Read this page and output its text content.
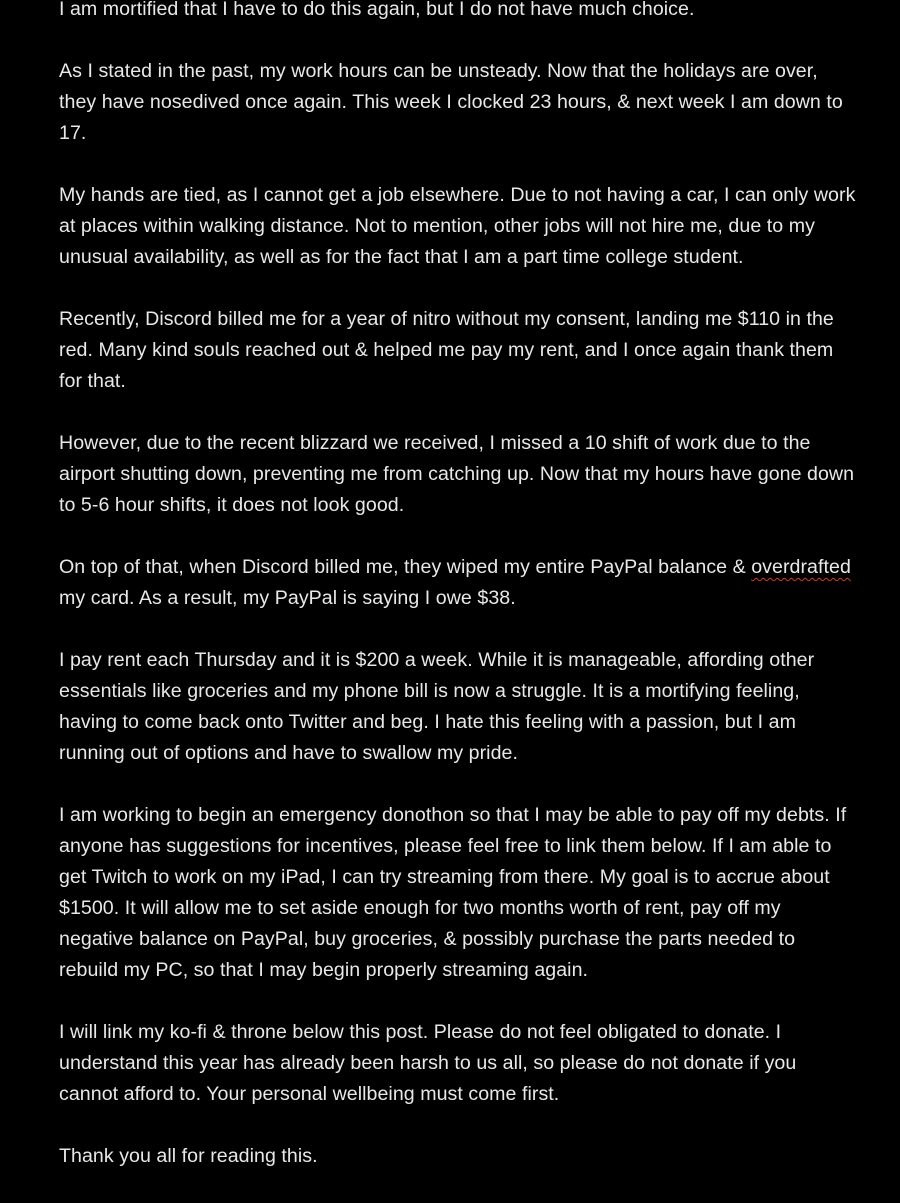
I am mortified that I have to do this again, but I do not have much choice.

As I stated in the past, my work hours can be unsteady. Now that the holidays are over, they have nosedived once again. This week I clocked 23 hours, & next week I am down to 17.

My hands are tied, as I cannot get a job elsewhere. Due to not having a car, I can only work at places within walking distance. Not to mention, other jobs will not hire me, due to my unusual availability, as well as for the fact that I am a part time college student.

Recently, Discord billed me for a year of nitro without my consent, landing me $110 in the red. Many kind souls reached out & helped me pay my rent, and I once again thank them for that.

However, due to the recent blizzard we received, I missed a 10 shift of work due to the airport shutting down, preventing me from catching up. Now that my hours have gone down to 5-6 hour shifts, it does not look good.

On top of that, when Discord billed me, they wiped my entire PayPal balance & overdrafted my card. As a result, my PayPal is saying I owe $38.

I pay rent each Thursday and it is $200 a week. While it is manageable, affording other essentials like groceries and my phone bill is now a struggle. It is a mortifying feeling, having to come back onto Twitter and beg. I hate this feeling with a passion, but I am running out of options and have to swallow my pride.

I am working to begin an emergency donothon so that I may be able to pay off my debts. If anyone has suggestions for incentives, please feel free to link them below. If I am able to get Twitch to work on my iPad, I can try streaming from there. My goal is to accrue about $1500. It will allow me to set aside enough for two months worth of rent, pay off my negative balance on PayPal, buy groceries, & possibly purchase the parts needed to rebuild my PC, so that I may begin properly streaming again.

I will link my ko-fi & throne below this post. Please do not feel obligated to donate. I understand this year has already been harsh to us all, so please do not donate if you cannot afford to. Your personal wellbeing must come first.

Thank you all for reading this.
